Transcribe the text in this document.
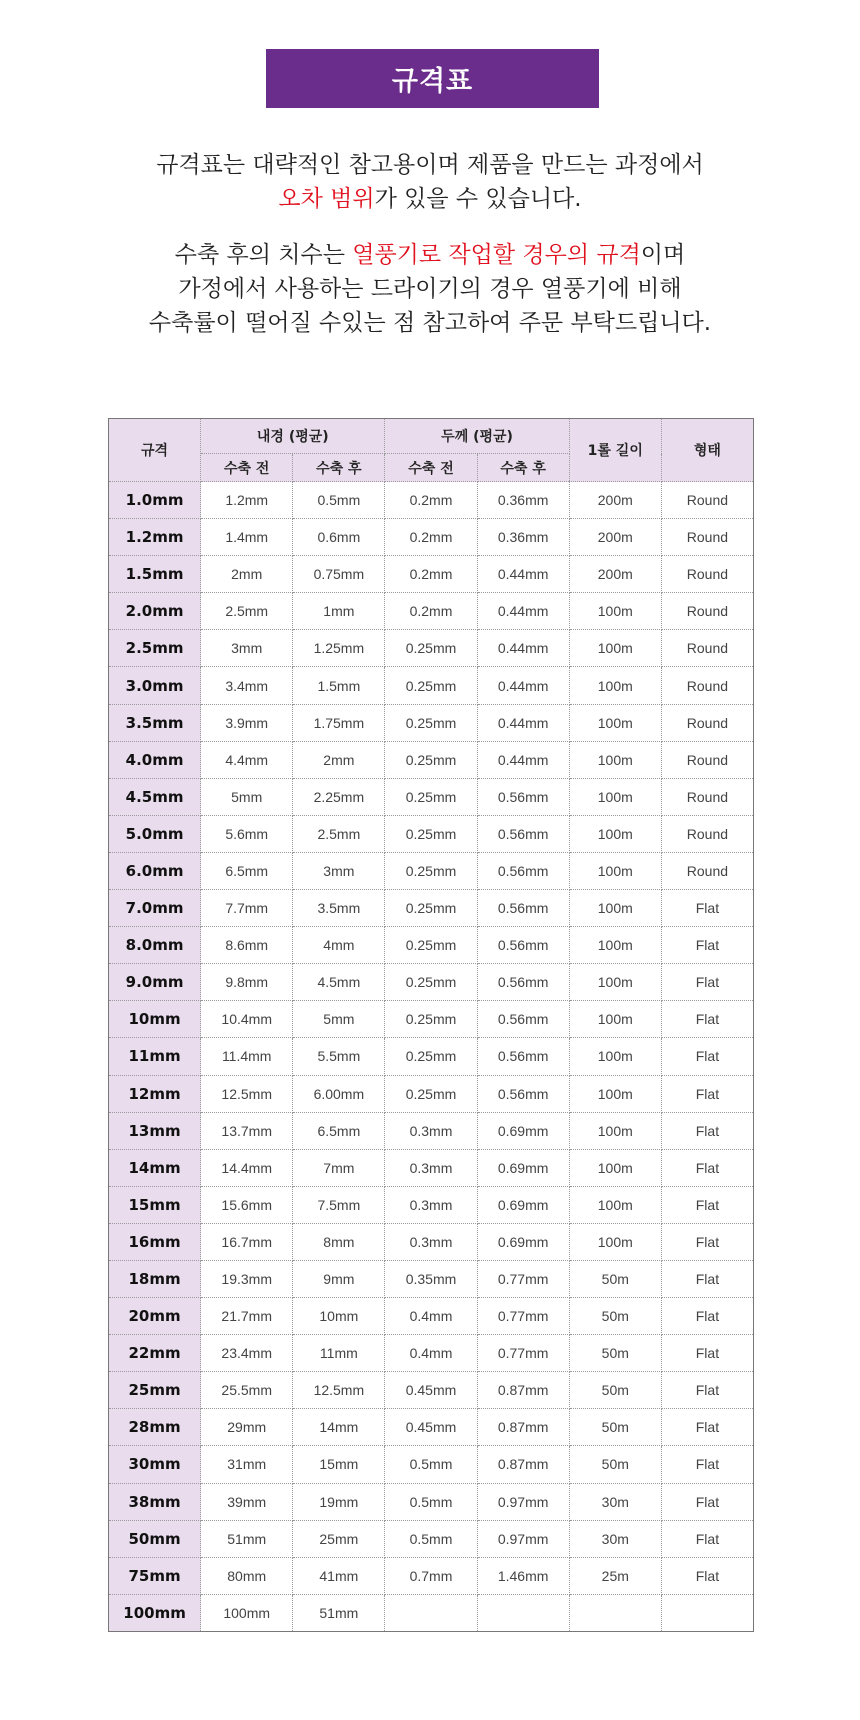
규격표
규격표는 대략적인 참고용이며 제품을 만드는 과정에서
오차 범위가 있을 수 있습니다.
수축 후의 치수는 열풍기로 작업할 경우의 규격이며
가정에서 사용하는 드라이기의 경우 열풍기에 비해
수축률이 떨어질 수있는 점 참고하여 주문 부탁드립니다.
규격	내경 (평균)		두께 (평균)		1롤 길이	형태
	수축 전	수축 후	수축 전	수축 후		
1.0mm	1.2mm	0.5mm	0.2mm	0.36mm	200m	Round
1.2mm	1.4mm	0.6mm	0.2mm	0.36mm	200m	Round
1.5mm	2mm	0.75mm	0.2mm	0.44mm	200m	Round
2.0mm	2.5mm	1mm	0.2mm	0.44mm	100m	Round
2.5mm	3mm	1.25mm	0.25mm	0.44mm	100m	Round
3.0mm	3.4mm	1.5mm	0.25mm	0.44mm	100m	Round
3.5mm	3.9mm	1.75mm	0.25mm	0.44mm	100m	Round
4.0mm	4.4mm	2mm	0.25mm	0.44mm	100m	Round
4.5mm	5mm	2.25mm	0.25mm	0.56mm	100m	Round
5.0mm	5.6mm	2.5mm	0.25mm	0.56mm	100m	Round
6.0mm	6.5mm	3mm	0.25mm	0.56mm	100m	Round
7.0mm	7.7mm	3.5mm	0.25mm	0.56mm	100m	Flat
8.0mm	8.6mm	4mm	0.25mm	0.56mm	100m	Flat
9.0mm	9.8mm	4.5mm	0.25mm	0.56mm	100m	Flat
10mm	10.4mm	5mm	0.25mm	0.56mm	100m	Flat
11mm	11.4mm	5.5mm	0.25mm	0.56mm	100m	Flat
12mm	12.5mm	6.00mm	0.25mm	0.56mm	100m	Flat
13mm	13.7mm	6.5mm	0.3mm	0.69mm	100m	Flat
14mm	14.4mm	7mm	0.3mm	0.69mm	100m	Flat
15mm	15.6mm	7.5mm	0.3mm	0.69mm	100m	Flat
16mm	16.7mm	8mm	0.3mm	0.69mm	100m	Flat
18mm	19.3mm	9mm	0.35mm	0.77mm	50m	Flat
20mm	21.7mm	10mm	0.4mm	0.77mm	50m	Flat
22mm	23.4mm	11mm	0.4mm	0.77mm	50m	Flat
25mm	25.5mm	12.5mm	0.45mm	0.87mm	50m	Flat
28mm	29mm	14mm	0.45mm	0.87mm	50m	Flat
30mm	31mm	15mm	0.5mm	0.87mm	50m	Flat
38mm	39mm	19mm	0.5mm	0.97mm	30m	Flat
50mm	51mm	25mm	0.5mm	0.97mm	30m	Flat
75mm	80mm	41mm	0.7mm	1.46mm	25m	Flat
100mm	100mm	51mm				
